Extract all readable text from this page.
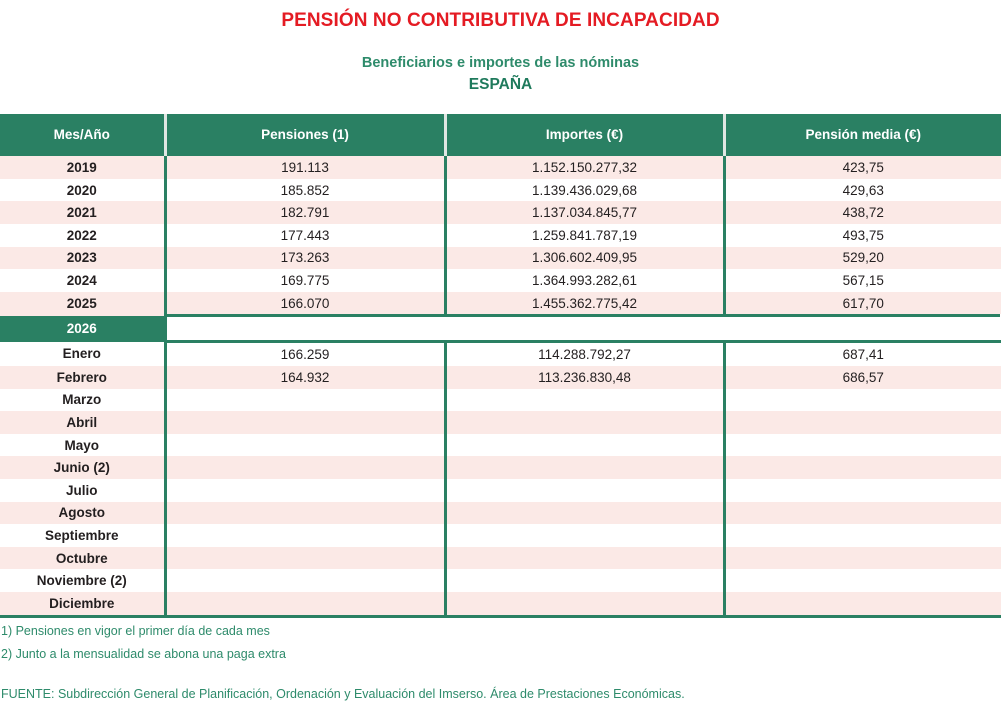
PENSIÓN NO CONTRIBUTIVA DE INCAPACIDAD
Beneficiarios e importes de las nóminas
ESPAÑA
Mes/Año	Pensiones (1)	Importes (€)	Pensión media (€)
2019	191.113	1.152.150.277,32	423,75
2020	185.852	1.139.436.029,68	429,63
2021	182.791	1.137.034.845,77	438,72
2022	177.443	1.259.841.787,19	493,75
2023	173.263	1.306.602.409,95	529,20
2024	169.775	1.364.993.282,61	567,15
2025	166.070	1.455.362.775,42	617,70
2026			
Enero	166.259	114.288.792,27	687,41
Febrero	164.932	113.236.830,48	686,57
Marzo			
Abril			
Mayo			
Junio (2)			
Julio			
Agosto			
Septiembre			
Octubre			
Noviembre (2)			
Diciembre			
1) Pensiones en vigor el primer día de cada mes
2) Junto a la mensualidad se abona una paga extra
FUENTE: Subdirección General de Planificación, Ordenación y Evaluación del Imserso. Área de Prestaciones Económicas.
